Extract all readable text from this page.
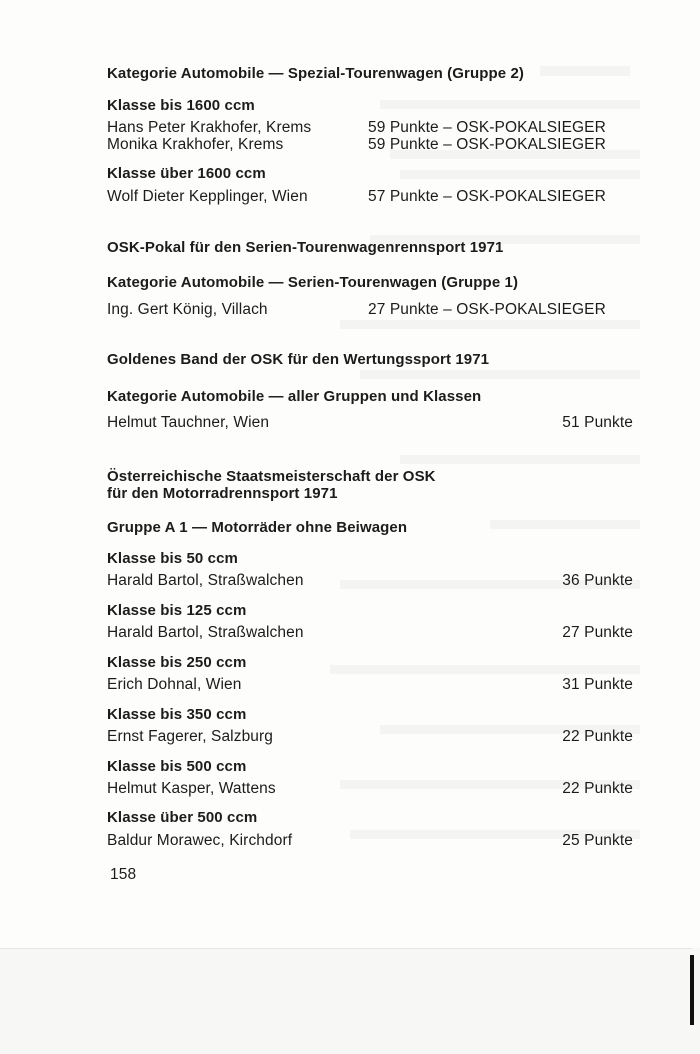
Kategorie Automobile — Spezial-Tourenwagen (Gruppe 2)
Klasse bis 1600 ccm
Hans Peter Krakhofer, Krems	59 Punkte – OSK-POKALSIEGER
Monika Krakhofer, Krems	59 Punkte – OSK-POKALSIEGER
Klasse über 1600 ccm
Wolf Dieter Kepplinger, Wien	57 Punkte – OSK-POKALSIEGER
OSK-Pokal für den Serien-Tourenwagenrennsport 1971
Kategorie Automobile — Serien-Tourenwagen (Gruppe 1)
Ing. Gert König, Villach	27 Punkte – OSK-POKALSIEGER
Goldenes Band der OSK für den Wertungssport 1971
Kategorie Automobile — aller Gruppen und Klassen
Helmut Tauchner, Wien	51 Punkte
Österreichische Staatsmeisterschaft der OSK
für den Motorradrennsport 1971
Gruppe A 1 — Motorräder ohne Beiwagen
Klasse bis 50 ccm
Harald Bartol, Straßwalchen	36 Punkte
Klasse bis 125 ccm
Harald Bartol, Straßwalchen	27 Punkte
Klasse bis 250 ccm
Erich Dohnal, Wien	31 Punkte
Klasse bis 350 ccm
Ernst Fagerer, Salzburg	22 Punkte
Klasse bis 500 ccm
Helmut Kasper, Wattens	22 Punkte
Klasse über 500 ccm
Baldur Morawec, Kirchdorf	25 Punkte
158
